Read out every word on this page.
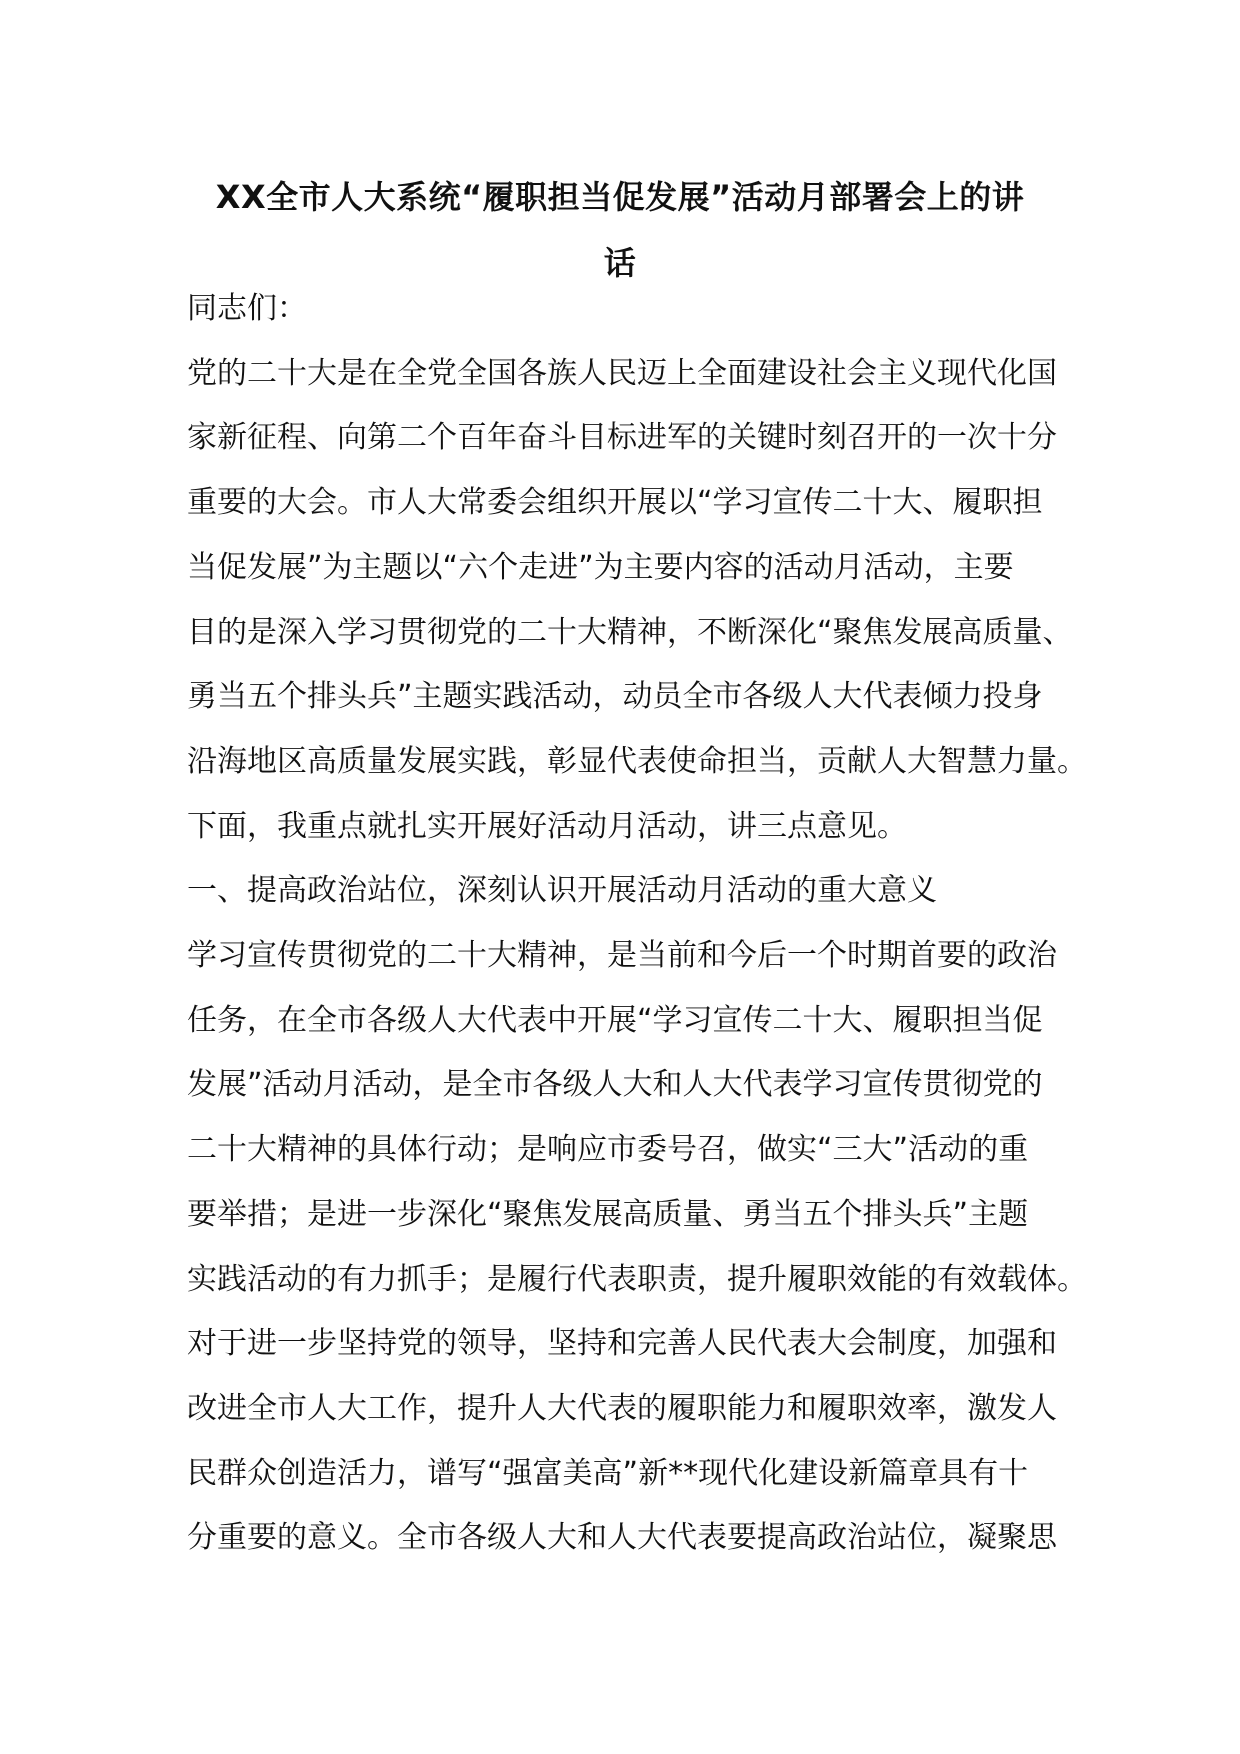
XX全市人大系统“履职担当促发展”活动月部署会上的讲
话

同志们：

党的二十大是在全党全国各族人民迈上全面建设社会主义现代化国
家新征程、向第二个百年奋斗目标进军的关键时刻召开的一次十分
重要的大会。市人大常委会组织开展以“学习宣传二十大、履职担
当促发展”为主题以“六个走进”为主要内容的活动月活动，主要
目的是深入学习贯彻党的二十大精神，不断深化“聚焦发展高质量、
勇当五个排头兵”主题实践活动，动员全市各级人大代表倾力投身
沿海地区高质量发展实践，彰显代表使命担当，贡献人大智慧力量。
下面，我重点就扎实开展好活动月活动，讲三点意见。

一、提高政治站位，深刻认识开展活动月活动的重大意义

学习宣传贯彻党的二十大精神，是当前和今后一个时期首要的政治
任务，在全市各级人大代表中开展“学习宣传二十大、履职担当促
发展”活动月活动，是全市各级人大和人大代表学习宣传贯彻党的
二十大精神的具体行动；是响应市委号召，做实“三大”活动的重
要举措；是进一步深化“聚焦发展高质量、勇当五个排头兵”主题
实践活动的有力抓手；是履行代表职责，提升履职效能的有效载体。
对于进一步坚持党的领导，坚持和完善人民代表大会制度，加强和
改进全市人大工作，提升人大代表的履职能力和履职效率，激发人
民群众创造活力，谱写“强富美高”新**现代化建设新篇章具有十
分重要的意义。全市各级人大和人大代表要提高政治站位，凝聚思
